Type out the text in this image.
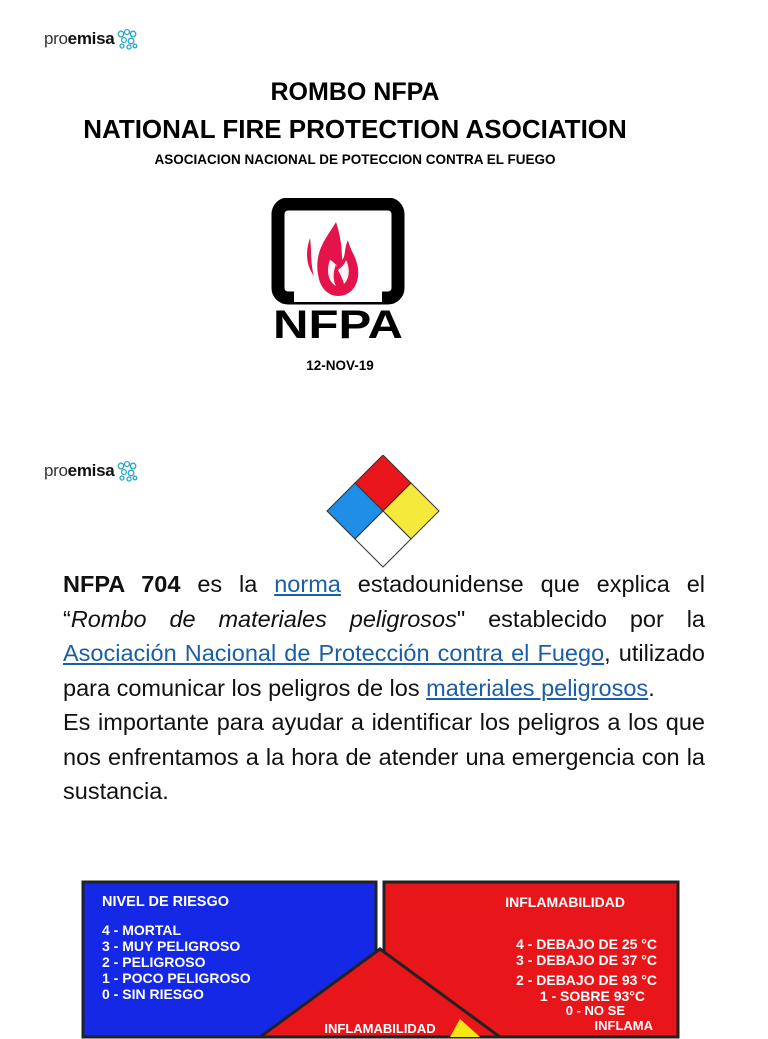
proemisa
ROMBO NFPA
NATIONAL FIRE PROTECTION ASOCIATION
ASOCIACION NACIONAL DE POTECCION CONTRA EL FUEGO
NFPA
12-NOV-19
proemisa
NFPA 704 es la norma estadounidense que explica el “Rombo de materiales peligrosos" establecido por la Asociación Nacional de Protección contra el Fuego, utilizado para comunicar los peligros de los materiales peligrosos.
Es importante para ayudar a identificar los peligros a los que nos enfrentamos a la hora de atender una emergencia con la sustancia.
NIVEL DE RIESGO
4 - MORTAL
3 - MUY PELIGROSO
2 - PELIGROSO
1 - POCO PELIGROSO
0 - SIN RIESGO
INFLAMABILIDAD
4 - DEBAJO DE 25 °C
3 - DEBAJO DE 37 °C
2 - DEBAJO DE 93 °C
1 - SOBRE 93°C
0 - NO SE
INFLAMA
INFLAMABILIDAD
